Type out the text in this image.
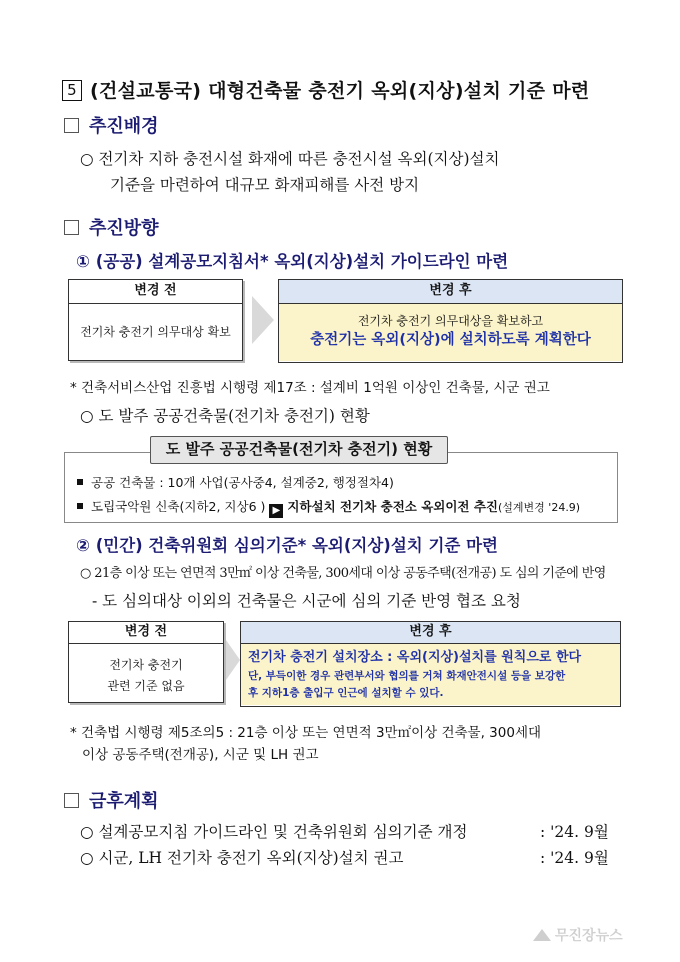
5 (건설교통국) 대형건축물 충전기 옥외(지상)설치 기준 마련
추진배경
○ 전기차 지하 충전시설 화재에 따른 충전시설 옥외(지상)설치
기준을 마련하여 대규모 화재피해를 사전 방지
추진방향
① (공공) 설계공모지침서* 옥외(지상)설치 가이드라인 마련
변경 전
전기차 충전기 의무대상 확보
변경 후
전기차 충전기 의무대상을 확보하고
충전기는 옥외(지상)에 설치하도록 계획한다
* 건축서비스산업 진흥법 시행령 제17조 : 설계비 1억원 이상인 건축물, 시군 권고
○ 도 발주 공공건축물(전기차 충전기) 현황
공공 건축물 : 10개 사업(공사중4, 설계중2, 행정절차4)
도립국악원 신축(지하2, 지상6 ) ▶ 지하설치 전기차 충전소 옥외이전 추진(설계변경 '24.9)
도 발주 공공건축물(전기차 충전기) 현황
② (민간) 건축위원회 심의기준* 옥외(지상)설치 기준 마련
○ 21층 이상 또는 연면적 3만㎡ 이상 건축물, 300세대 이상 공동주택(전개공) 도 심의 기준에 반영
- 도 심의대상 이외의 건축물은 시군에 심의 기준 반영 협조 요청
변경 전
전기차 충전기
관련 기준 없음
변경 후
전기차 충전기 설치장소 : 옥외(지상)설치를 원칙으로 한다
단, 부득이한 경우 관련부서와 협의를 거쳐 화재안전시설 등을 보강한
후 지하1층 출입구 인근에 설치할 수 있다.
* 건축법 시행령 제5조의5 : 21층 이상 또는 연면적 3만㎡이상 건축물, 300세대
이상 공동주택(전개공), 시군 및 LH 권고
금후계획
○ 설계공모지침 가이드라인 및 건축위원회 심의기준 개정	: '24. 9월
○ 시군, LH 전기차 충전기 옥외(지상)설치 권고	: '24. 9월
무진장뉴스
